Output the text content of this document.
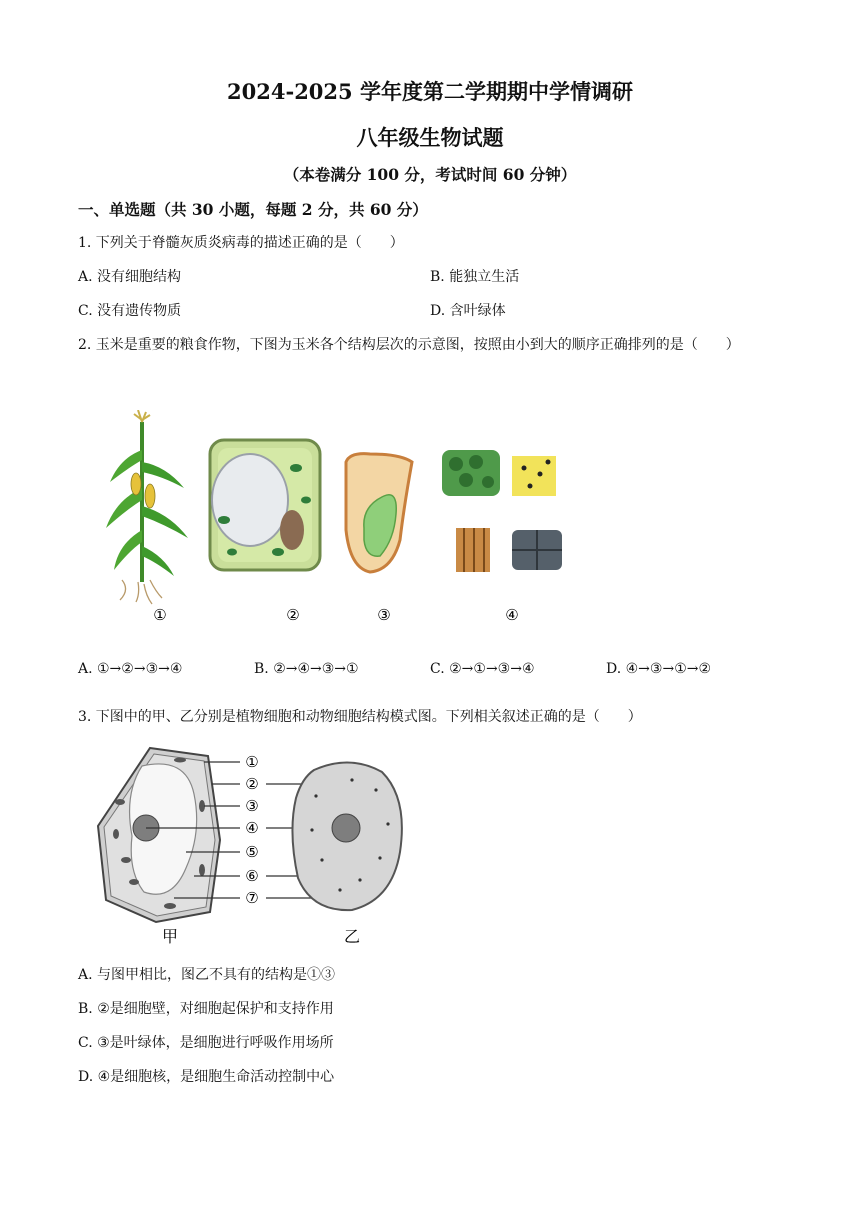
2024-2025 学年度第二学期期中学情调研
八年级生物试题
（本卷满分 100 分，考试时间 60 分钟）
一、单选题（共 30 小题，每题 2 分，共 60 分）
1. 下列关于脊髓灰质炎病毒的描述正确的是（　　）
A. 没有细胞结构	B. 能独立生活
C. 没有遗传物质	D. 含叶绿体
2. 玉米是重要的粮食作物，下图为玉米各个结构层次的示意图，按照由小到大的顺序正确排列的是（　　）
①	②	③	④
A. ①→②→③→④	B. ②→④→③→①	C. ②→①→③→④	D. ④→③→①→②
3. 下图中的甲、乙分别是植物细胞和动物细胞结构模式图。下列相关叙述正确的是（　　）
①
②
③
④
⑤
⑥
⑦
甲	乙
A. 与图甲相比，图乙不具有的结构是①③
B. ②是细胞壁，对细胞起保护和支持作用
C. ③是叶绿体，是细胞进行呼吸作用场所
D. ④是细胞核，是细胞生命活动控制中心
